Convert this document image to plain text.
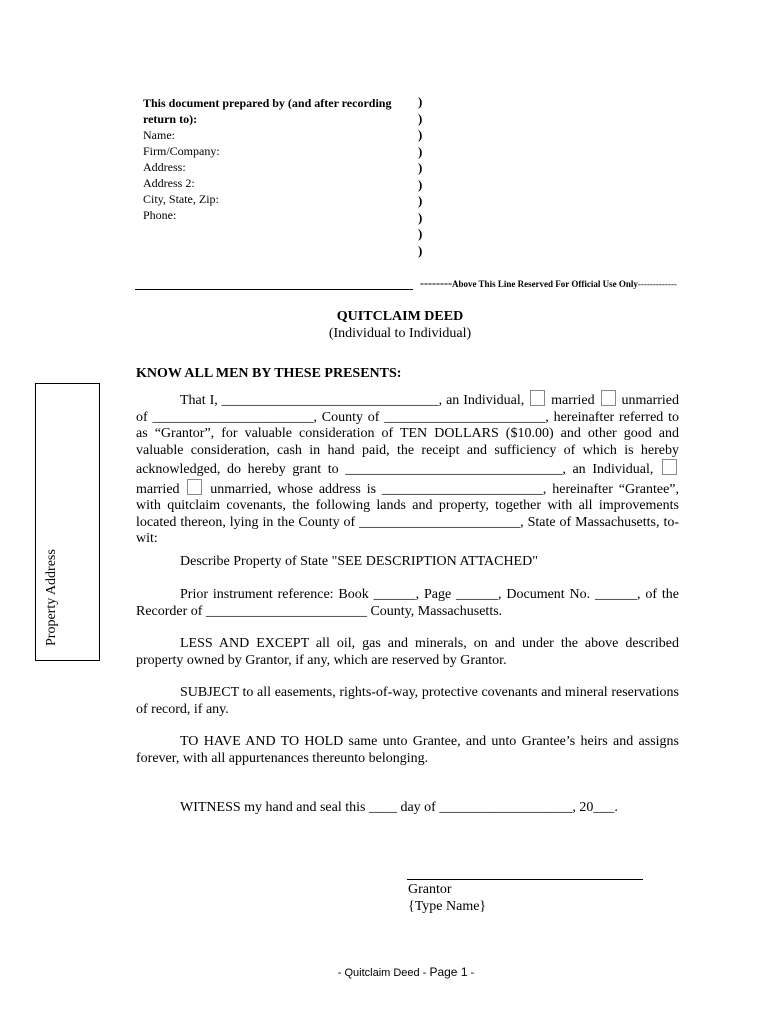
This document prepared by (and after recording return to):
Name:
Firm/Company:
Address:
Address 2:
City, State, Zip:
Phone:
)
)
)
)
)
)
)
)
)
)
--------Above This Line Reserved For Official Use Only-------------
QUITCLAIM DEED
(Individual to Individual)
KNOW ALL MEN BY THESE PRESENTS:
That I, _______________________________, an Individual, married unmarried of _______________________, County of _______________________, hereinafter referred to as “Grantor”, for valuable consideration of TEN DOLLARS ($10.00) and other good and valuable consideration, cash in hand paid, the receipt and sufficiency of which is hereby acknowledged, do hereby grant to _______________________________, an Individual,  married unmarried, whose address is _______________________, hereinafter “Grantee”, with quitclaim covenants, the following lands and property, together with all improvements located thereon, lying in the County of _______________________, State of Massachusetts, to-wit:
Describe Property of State "SEE DESCRIPTION ATTACHED"
Prior instrument reference: Book ______, Page ______, Document No. ______, of the Recorder of _______________________ County, Massachusetts.
LESS AND EXCEPT all oil, gas and minerals, on and under the above described property owned by Grantor, if any, which are reserved by Grantor.
SUBJECT to all easements, rights-of-way, protective covenants and mineral reservations of record, if any.
TO HAVE AND TO HOLD same unto Grantee, and unto Grantee’s heirs and assigns forever, with all appurtenances thereunto belonging.
WITNESS my hand and seal this ____ day of ___________________, 20___.
Property Address
Grantor
{Type Name}
- Quitclaim Deed - Page 1 -
